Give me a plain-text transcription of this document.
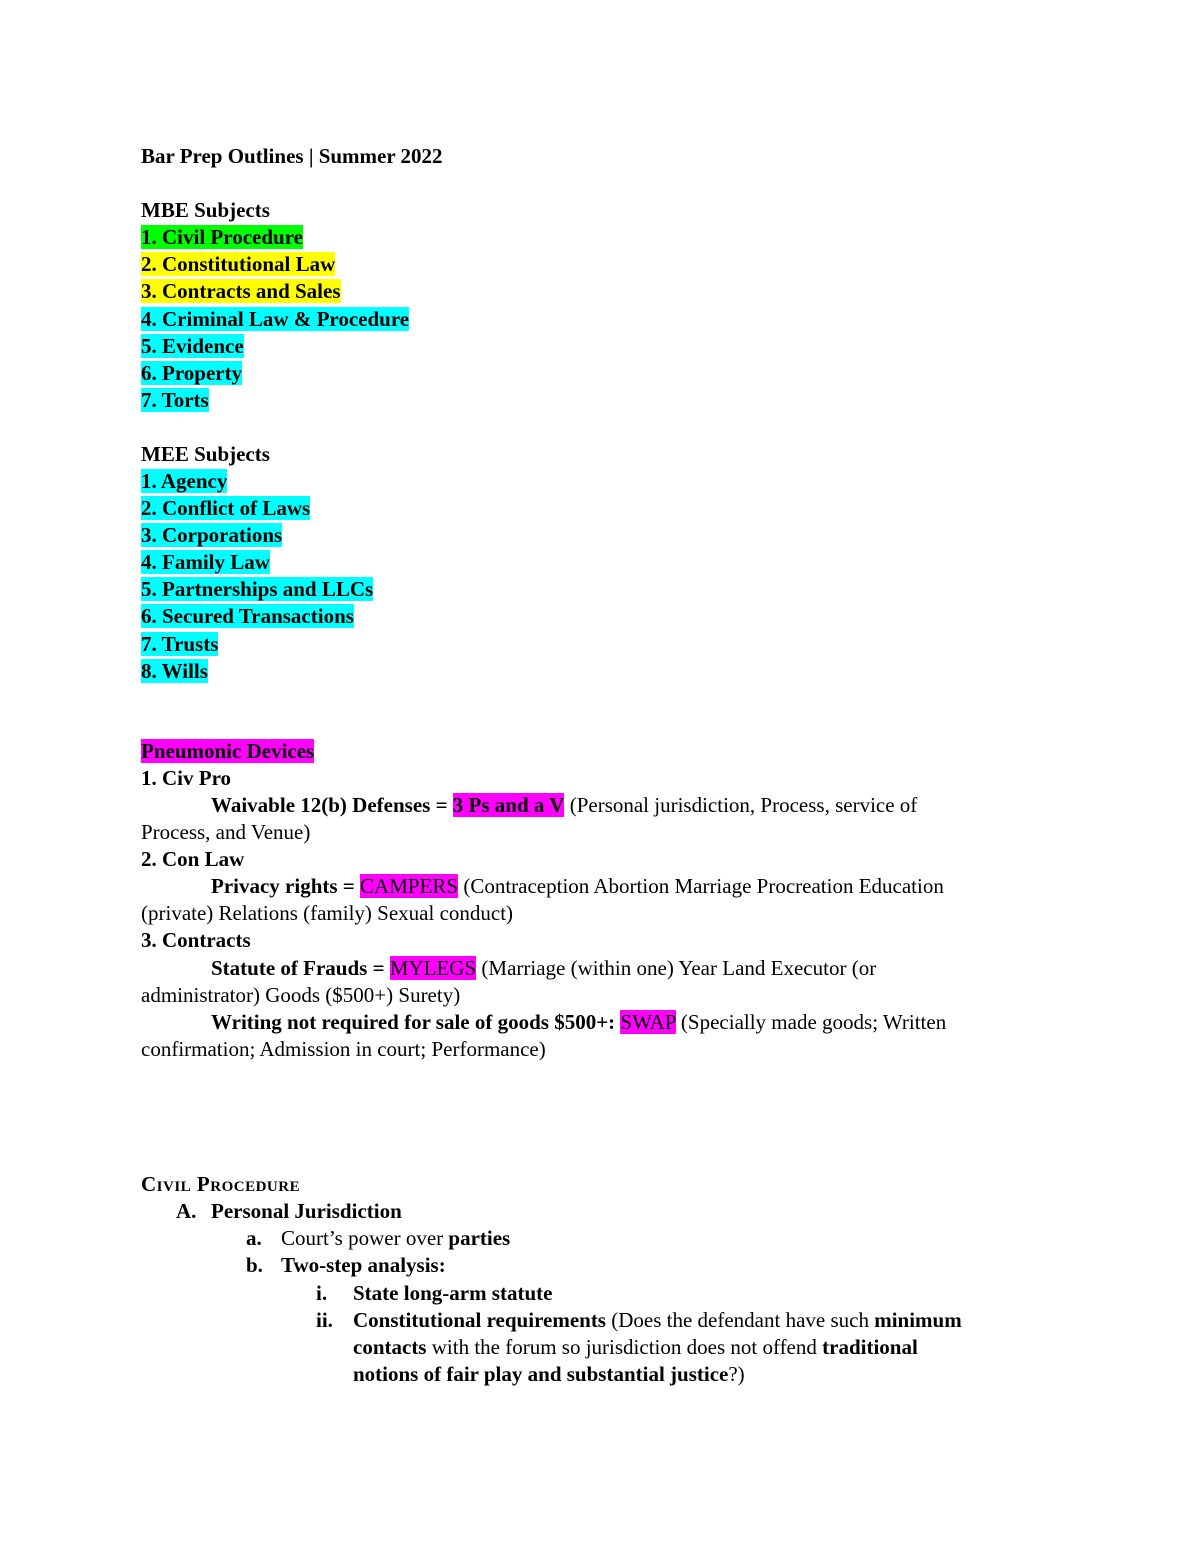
Bar Prep Outlines | Summer 2022
MBE Subjects
1. Civil Procedure
2. Constitutional Law
3. Contracts and Sales
4. Criminal Law & Procedure
5. Evidence
6. Property
7. Torts
MEE Subjects
1. Agency
2. Conflict of Laws
3. Corporations
4. Family Law
5. Partnerships and LLCs
6. Secured Transactions
7. Trusts
8. Wills
Pneumonic Devices
1. Civ Pro
Waivable 12(b) Defenses = 3 Ps and a V (Personal jurisdiction, Process, service of
Process, and Venue)
2. Con Law
Privacy rights = CAMPERS (Contraception Abortion Marriage Procreation Education
(private) Relations (family) Sexual conduct)
3. Contracts
Statute of Frauds = MYLEGS (Marriage (within one) Year Land Executor (or
administrator) Goods ($500+) Surety)
Writing not required for sale of goods $500+: SWAP (Specially made goods; Written
confirmation; Admission in court; Performance)
Civil Procedure
A. Personal Jurisdiction
a. Court’s power over parties
b. Two-step analysis:
i. State long-arm statute
ii. Constitutional requirements (Does the defendant have such minimum
contacts with the forum so jurisdiction does not offend traditional
notions of fair play and substantial justice?)
